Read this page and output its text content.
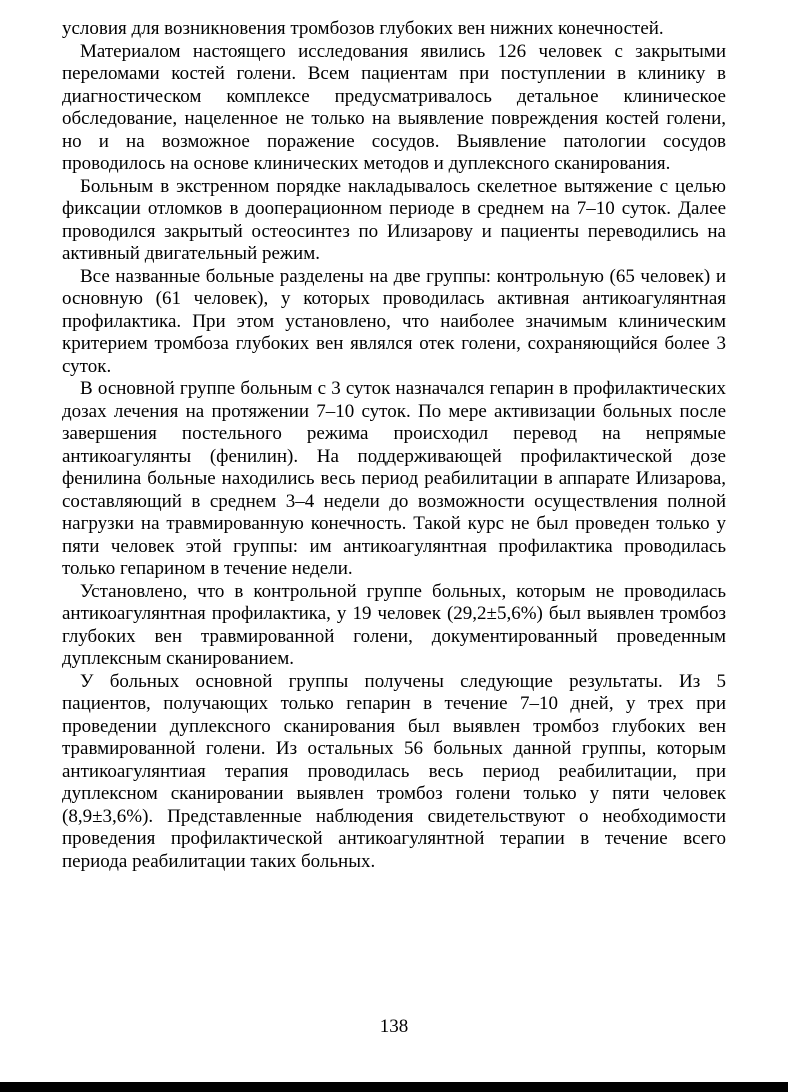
условия для возникновения тромбозов глубоких вен нижних конечностей.

Материалом настоящего исследования явились 126 человек с закрытыми переломами костей голени. Всем пациентам при поступлении в клинику в диагностическом комплексе предусматривалось детальное клиническое обследование, нацеленное не только на выявление повреждения костей голени, но и на возможное поражение сосудов. Выявление патологии сосудов проводилось на основе клинических методов и дуплексного сканирования.

Больным в экстренном порядке накладывалось скелетное вытяжение с целью фиксации отломков в дооперационном периоде в среднем на 7–10 суток. Далее проводился закрытый остеосинтез по Илизарову и пациенты переводились на активный двигательный режим.

Все названные больные разделены на две группы: контрольную (65 человек) и основную (61 человек), у которых проводилась активная антикоагулянтная профилактика. При этом установлено, что наиболее значимым клиническим критерием тромбоза глубоких вен являлся отек голени, сохраняющийся более 3 суток.

В основной группе больным с 3 суток назначался гепарин в профилактических дозах лечения на протяжении 7–10 суток. По мере активизации больных после завершения постельного режима происходил перевод на непрямые антикоагулянты (фенилин). На поддерживающей профилактической дозе фенилина больные находились весь период реабилитации в аппарате Илизарова, составляющий в среднем 3–4 недели до возможности осуществления полной нагрузки на травмированную конечность. Такой курс не был проведен только у пяти человек этой группы: им антикоагулянтная профилактика проводилась только гепарином в течение недели.

Установлено, что в контрольной группе больных, которым не проводилась антикоагулянтная профилактика, у 19 человек (29,2±5,6%) был выявлен тромбоз глубоких вен травмированной голени, документированный проведенным дуплексным сканированием.

У больных основной группы получены следующие результаты. Из 5 пациентов, получающих только гепарин в течение 7–10 дней, у трех при проведении дуплексного сканирования был выявлен тромбоз глубоких вен травмированной голени. Из остальных 56 больных данной группы, которым антикоагулянтиая терапия проводилась весь период реабилитации, при дуплексном сканировании выявлен тромбоз голени только у пяти человек (8,9±3,6%). Представленные наблюдения свидетельствуют о необходимости проведения профилактической антикоагулянтной терапии в течение всего периода реабилитации таких больных.

138
